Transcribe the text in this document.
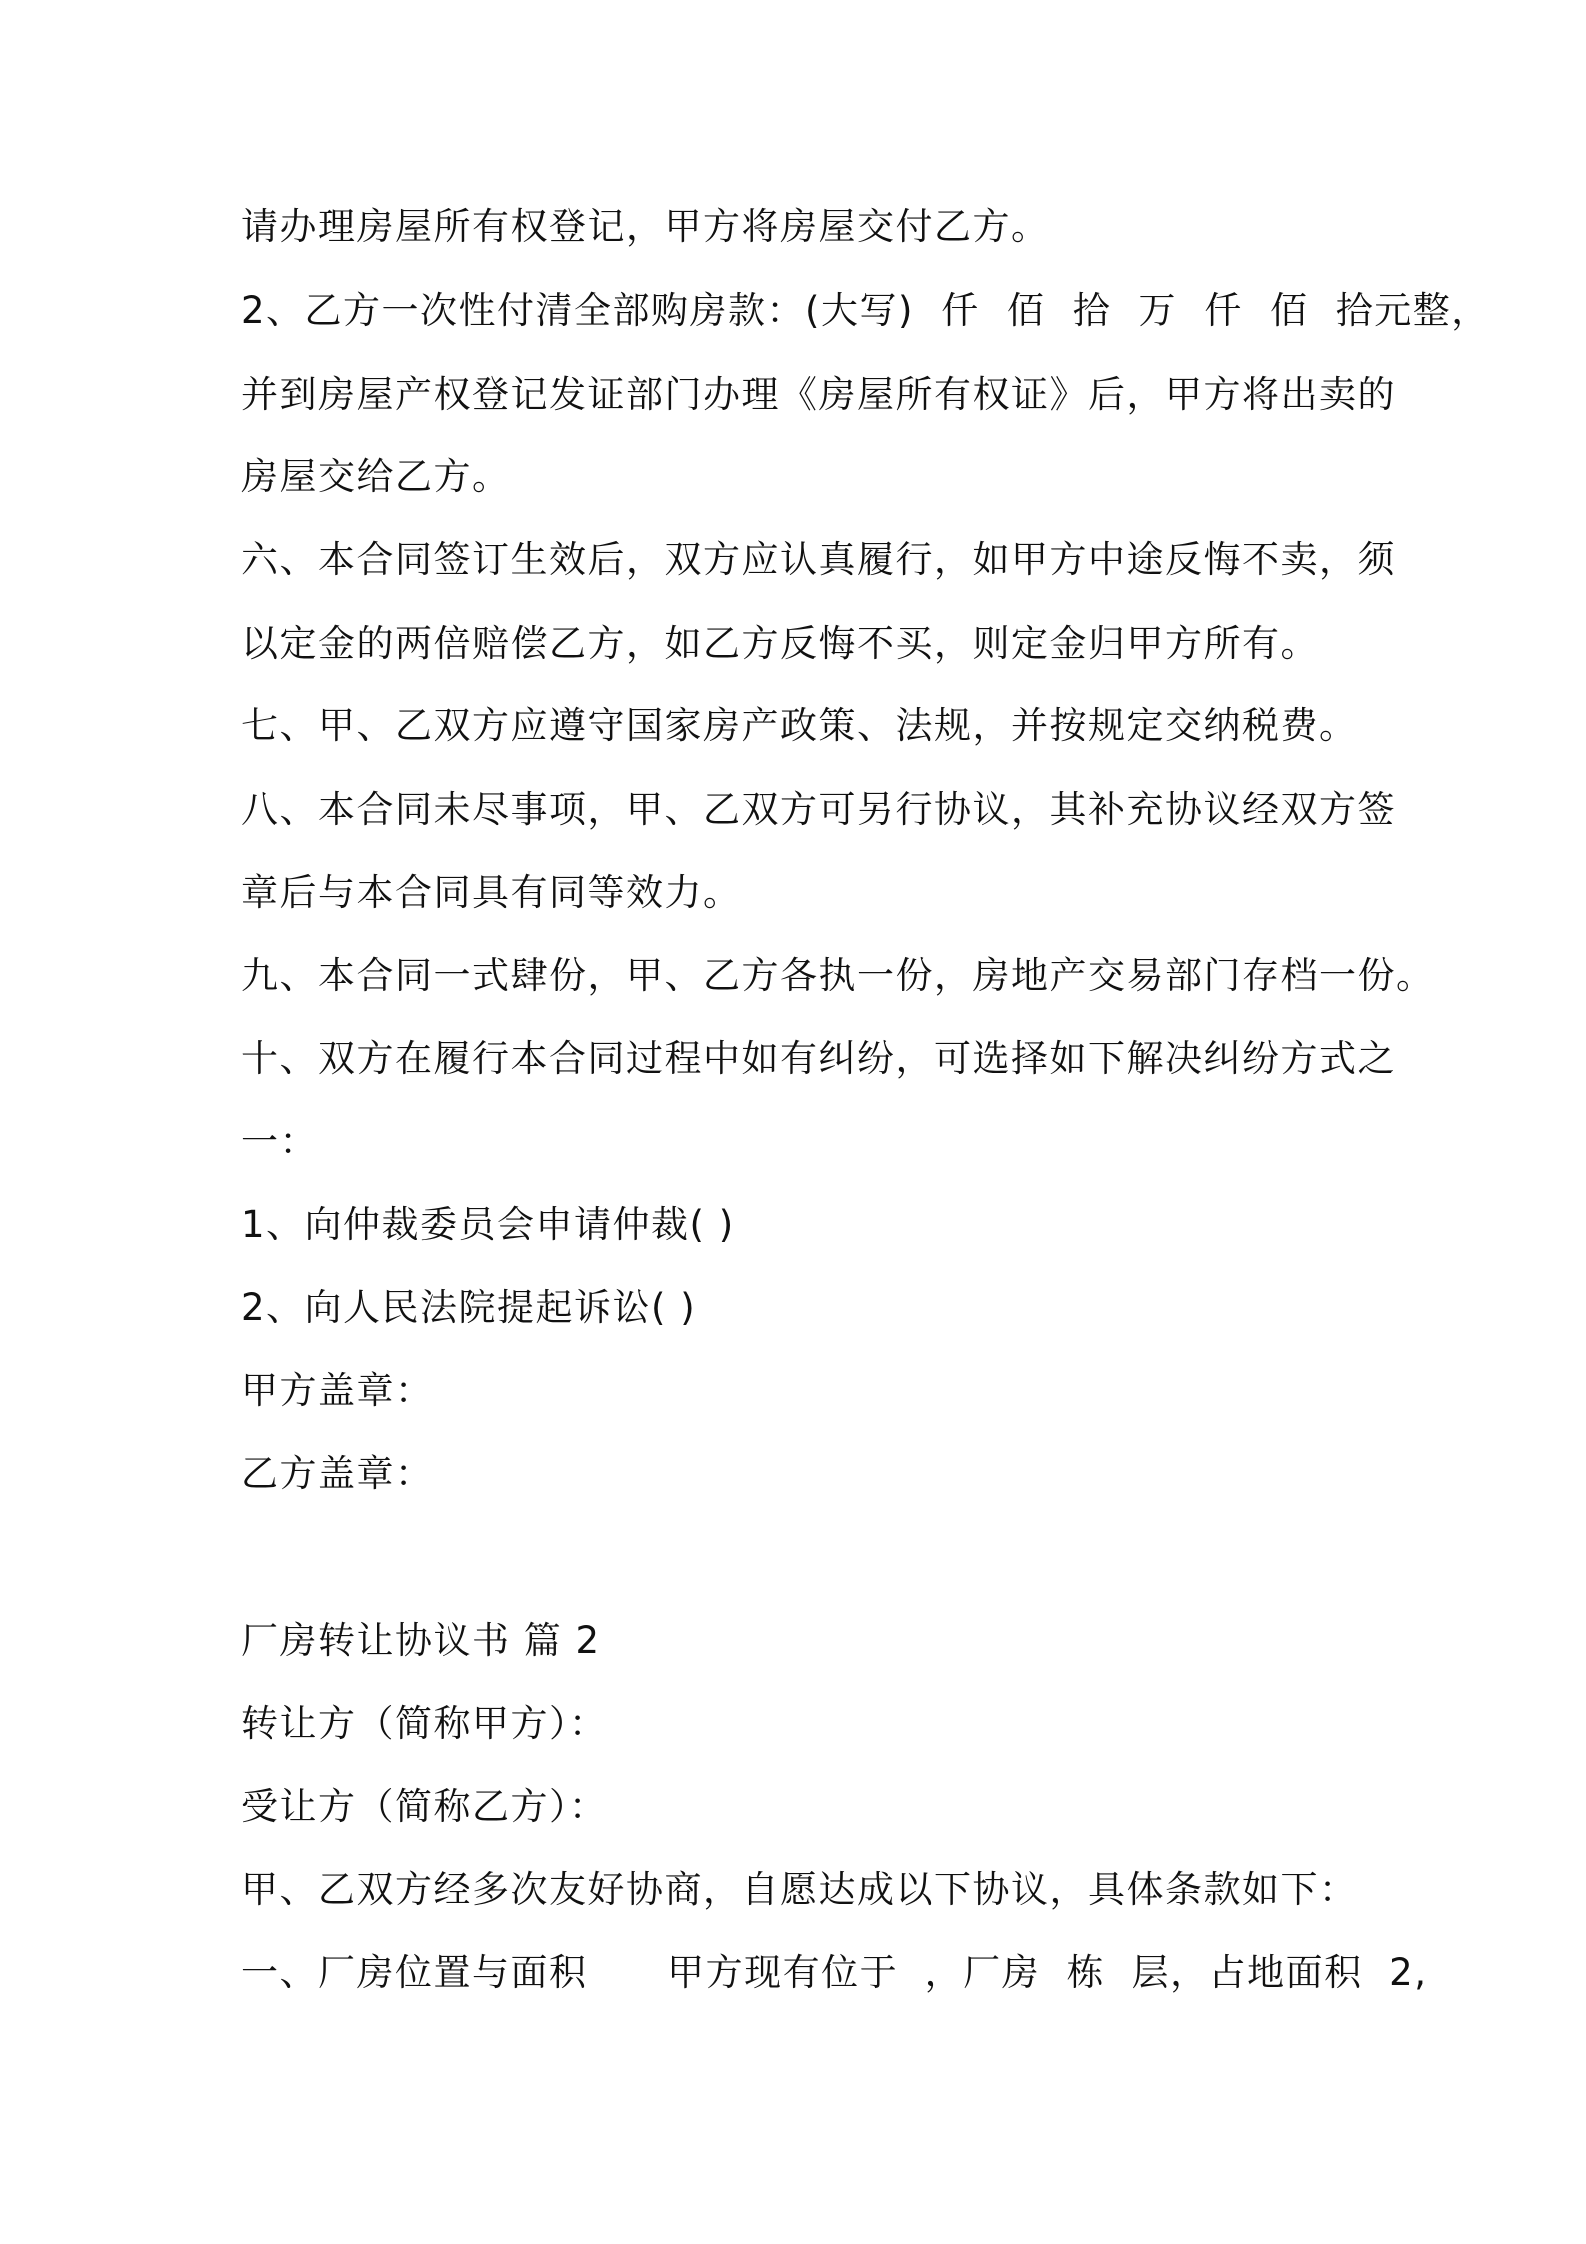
请办理房屋所有权登记，甲方将房屋交付乙方。
2、乙方一次性付清全部购房款：(大写) 仟 佰 拾 万 仟 佰 拾元整，
并到房屋产权登记发证部门办理《房屋所有权证》后，甲方将出卖的
房屋交给乙方。
六、本合同签订生效后，双方应认真履行，如甲方中途反悔不卖，须
以定金的两倍赔偿乙方，如乙方反悔不买，则定金归甲方所有。
七、甲、乙双方应遵守国家房产政策、法规，并按规定交纳税费。
八、本合同未尽事项，甲、乙双方可另行协议，其补充协议经双方签
章后与本合同具有同等效力。
九、本合同一式肆份，甲、乙方各执一份，房地产交易部门存档一份。
十、双方在履行本合同过程中如有纠纷，可选择如下解决纠纷方式之
一：
1、向仲裁委员会申请仲裁( )
2、向人民法院提起诉讼( )
甲方盖章：
乙方盖章：
厂房转让协议书 篇 2
转让方（简称甲方）：
受让方（简称乙方）：
甲、乙双方经多次友好协商，自愿达成以下协议，具体条款如下：
一、厂房位置与面积      甲方现有位于  ，厂房  栋  层，占地面积  2,
